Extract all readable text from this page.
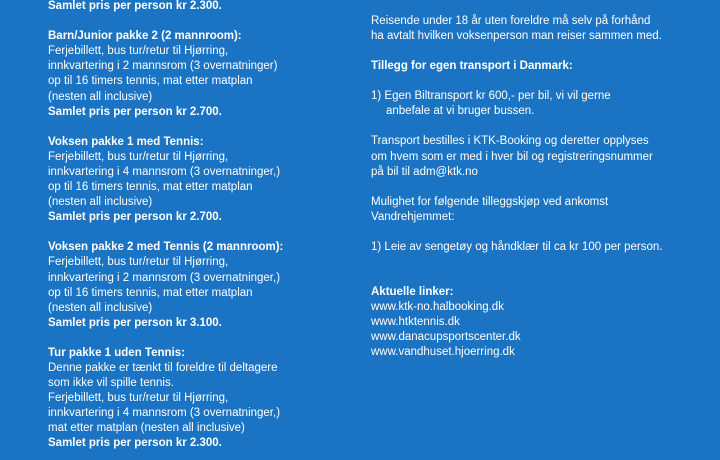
Samlet pris per person kr 2.300.
Barn/Junior pakke 2 (2 mannroom):
Ferjebillett, bus tur/retur til Hjørring,
innkvartering i 2 mannsrom (3 overnatninger)
op til 16 timers tennis, mat etter matplan
(nesten all inclusive)
Samlet pris per person kr 2.700.
Voksen pakke 1 med Tennis:
Ferjebillett, bus tur/retur til Hjørring,
innkvartering i 4 mannsrom (3 overnatninger,)
op til 16 timers tennis, mat etter matplan
(nesten all inclusive)
Samlet pris per person kr 2.700.
Voksen pakke 2 med Tennis (2 mannroom):
Ferjebillett, bus tur/retur til Hjørring,
innkvartering i 2 mannsrom (3 overnatninger,)
op til 16 timers tennis, mat etter matplan
(nesten all inclusive)
Samlet pris per person kr 3.100.
Tur pakke 1 uden Tennis:
Denne pakke er tænkt til foreldre til deltagere
som ikke vil spille tennis.
Ferjebillett, bus tur/retur til Hjørring,
innkvartering i 4 mannsrom (3 overnatninger,)
mat etter matplan (nesten all inclusive)
Samlet pris per person kr 2.300.
Reisende under 18 år uten foreldre må selv på forhånd
ha avtalt hvilken voksenperson man reiser sammen med.
Tillegg for egen transport i Danmark:
1) Egen Biltransport kr 600,- per bil, vi vil gerne
anbefale at vi bruger bussen.
Transport bestilles i KTK-Booking og deretter opplyses
om hvem som er med i hver bil og registreringsnummer
på bil til adm@ktk.no
Mulighet for følgende tilleggskjøp ved ankomst
Vandrehjemmet:
1) Leie av sengetøy og håndklær til ca kr 100 per person.
Aktuelle linker:
www.ktk-no.halbooking.dk
www.htktennis.dk
www.danacupsportscenter.dk
www.vandhuset.hjoerring.dk
